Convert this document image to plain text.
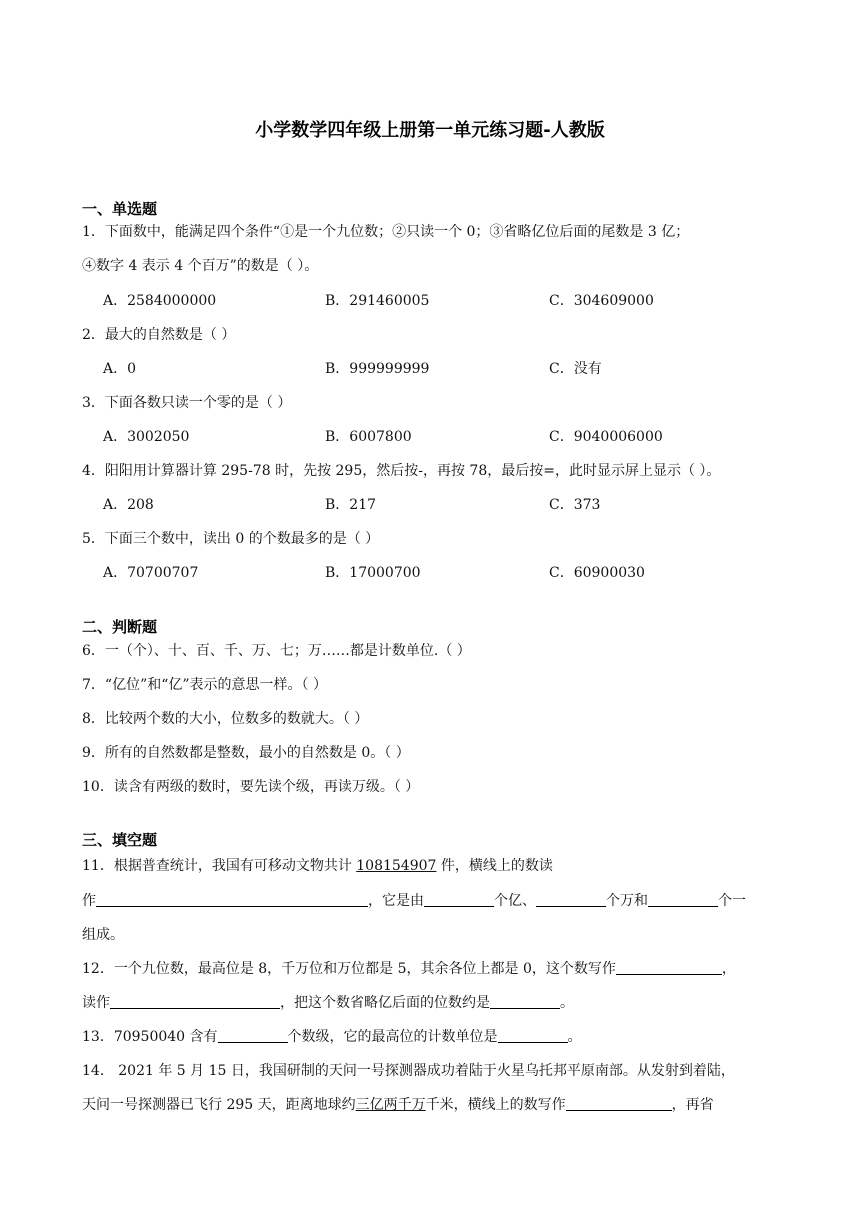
小学数学四年级上册第一单元练习题-人教版
一、单选题
1．下面数中，能满足四个条件“①是一个九位数；②只读一个 0；③省略亿位后面的尾数是 3 亿；
④数字 4 表示 4 个百万”的数是（ ）。
A．2584000000	B．291460005	C．304609000
2．最大的自然数是（ ）
A．0	B．999999999	C．没有
3．下面各数只读一个零的是（ ）
A．3002050	B．6007800	C．9040006000
4．阳阳用计算器计算 295-78 时，先按 295，然后按-，再按 78，最后按=，此时显示屏上显示（ ）。
A．208	B．217	C．373
5．下面三个数中，读出 0 的个数最多的是（ ）
A．70700707	B．17000700	C．60900030
二、判断题
6．一（个）、十、百、千、万、七；万……都是计数单位.（ ）
7．“亿位”和“亿”表示的意思一样。（ ）
8．比较两个数的大小，位数多的数就大。（ ）
9．所有的自然数都是整数，最小的自然数是 0。（ ）
10．读含有两级的数时，要先读个级，再读万级。（ ）
三、填空题
11．根据普查统计，我国有可移动文物共计 108154907 件，横线上的数读
作	，它是由	个亿、	个万和	个一
组成。
12．一个九位数，最高位是 8，千万位和万位都是 5，其余各位上都是 0，这个数写作	，
读作	，把这个数省略亿后面的位数约是	。
13．70950040 含有	个数级，它的最高位的计数单位是	。
14． 2021 年 5 月 15 日，我国研制的天问一号探测器成功着陆于火星乌托邦平原南部。从发射到着陆，
天问一号探测器已飞行 295 天，距离地球约三亿两千万千米，横线上的数写作	，再省
